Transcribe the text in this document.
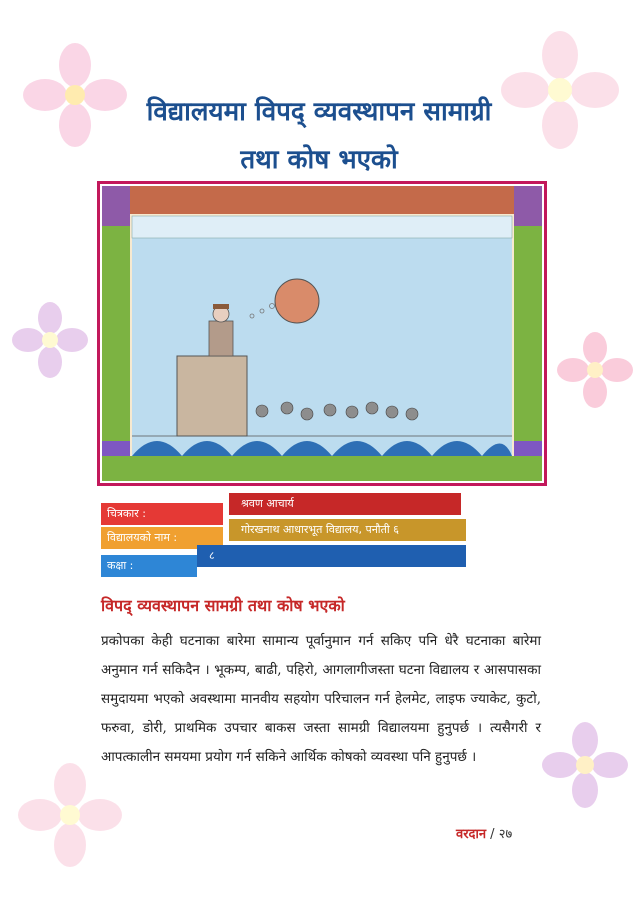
विद्यालयमा विपद् व्यवस्थापन सामाग्री
तथा कोष भएको
श्रवण आचार्य
चित्रकार :
गोरखनाथ आधारभूत विद्यालय, पनौती ६
विद्यालयको नाम :
८
कक्षा :
विपद् व्यवस्थापन सामग्री तथा कोष भएको

प्रकोपका केही घटनाका बारेमा सामान्य पूर्वानुमान गर्न सकिए पनि धेरै घटनाका बारेमा अनुमान गर्न सकिदैन । भूकम्प, बाढी, पहिरो, आगलागीजस्ता घटना विद्यालय र आसपासका समुदायमा भएको अवस्थामा मानवीय सहयोग परिचालन गर्न हेलमेट, लाइफ ज्याकेट, कुटो, फरुवा, डोरी, प्राथमिक उपचार बाकस जस्ता सामग्री विद्यालयमा हुनुपर्छ । त्यसैगरी र आपत्कालीन समयमा प्रयोग गर्न सकिने आर्थिक कोषको व्यवस्था पनि हुनुपर्छ ।

वरदान / २७
